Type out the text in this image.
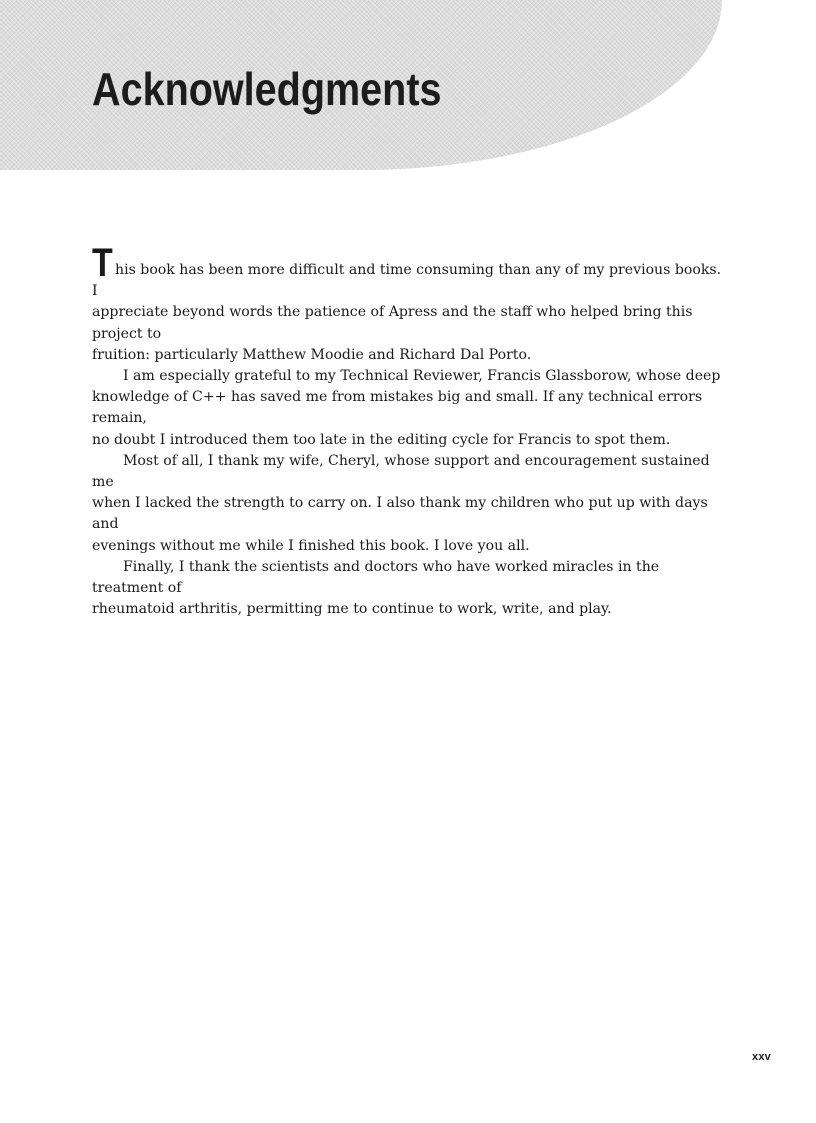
Acknowledgments

This book has been more difficult and time consuming than any of my previous books. I
appreciate beyond words the patience of Apress and the staff who helped bring this project to
fruition: particularly Matthew Moodie and Richard Dal Porto.

I am especially grateful to my Technical Reviewer, Francis Glassborow, whose deep
knowledge of C++ has saved me from mistakes big and small. If any technical errors remain,
no doubt I introduced them too late in the editing cycle for Francis to spot them.

Most of all, I thank my wife, Cheryl, whose support and encouragement sustained me
when I lacked the strength to carry on. I also thank my children who put up with days and
evenings without me while I finished this book. I love you all.

Finally, I thank the scientists and doctors who have worked miracles in the treatment of
rheumatoid arthritis, permitting me to continue to work, write, and play.

xxv
